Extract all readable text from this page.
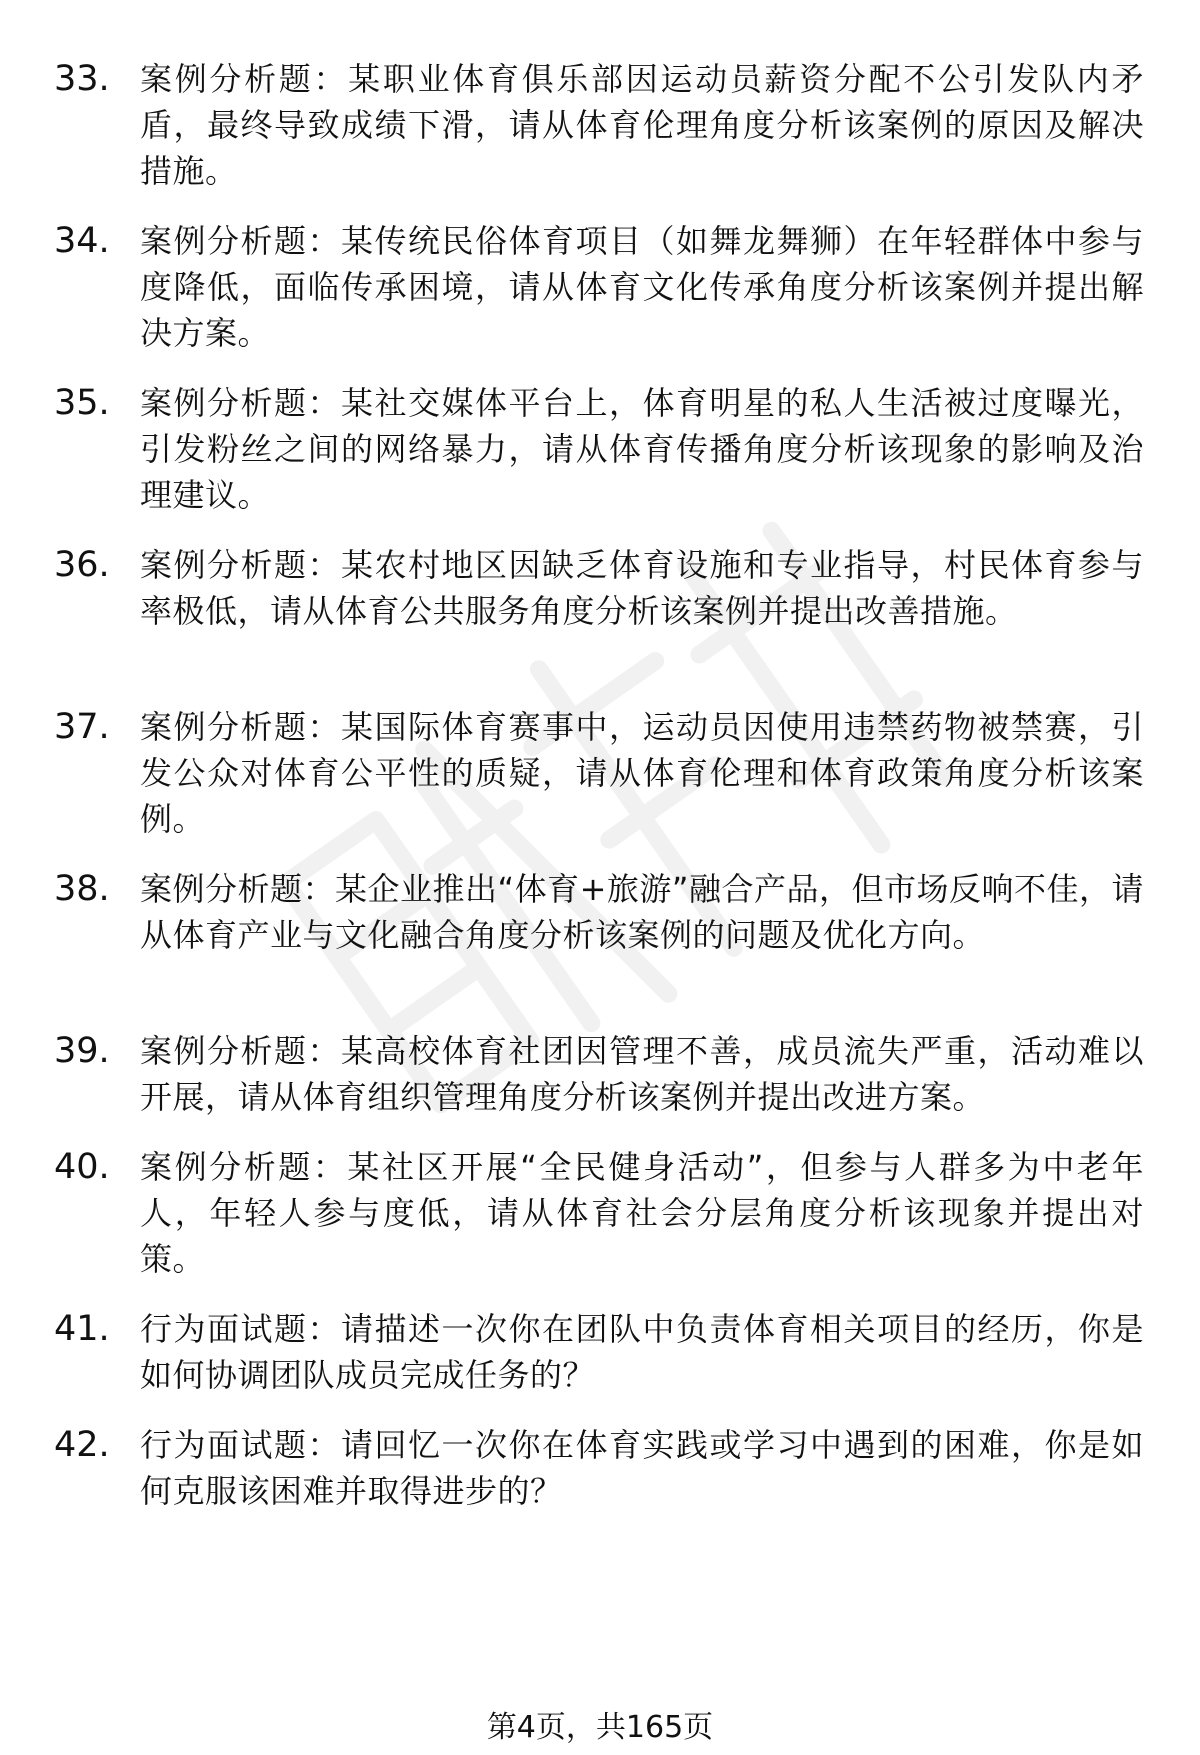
33. 案例分析题：某职业体育俱乐部因运动员薪资分配不公引发队内矛盾，最终导致成绩下滑，请从体育伦理角度分析该案例的原因及解决措施。
34. 案例分析题：某传统民俗体育项目（如舞龙舞狮）在年轻群体中参与度降低，面临传承困境，请从体育文化传承角度分析该案例并提出解决方案。
35. 案例分析题：某社交媒体平台上，体育明星的私人生活被过度曝光，引发粉丝之间的网络暴力，请从体育传播角度分析该现象的影响及治理建议。
36. 案例分析题：某农村地区因缺乏体育设施和专业指导，村民体育参与率极低，请从体育公共服务角度分析该案例并提出改善措施。
37. 案例分析题：某国际体育赛事中，运动员因使用违禁药物被禁赛，引发公众对体育公平性的质疑，请从体育伦理和体育政策角度分析该案例。
38. 案例分析题：某企业推出“体育+旅游”融合产品，但市场反响不佳，请从体育产业与文化融合角度分析该案例的问题及优化方向。
39. 案例分析题：某高校体育社团因管理不善，成员流失严重，活动难以开展，请从体育组织管理角度分析该案例并提出改进方案。
40. 案例分析题：某社区开展“全民健身活动”，但参与人群多为中老年人，年轻人参与度低，请从体育社会分层角度分析该现象并提出对策。
41. 行为面试题：请描述一次你在团队中负责体育相关项目的经历，你是如何协调团队成员完成任务的？
42. 行为面试题：请回忆一次你在体育实践或学习中遇到的困难，你是如何克服该困难并取得进步的？
第4页，共165页
